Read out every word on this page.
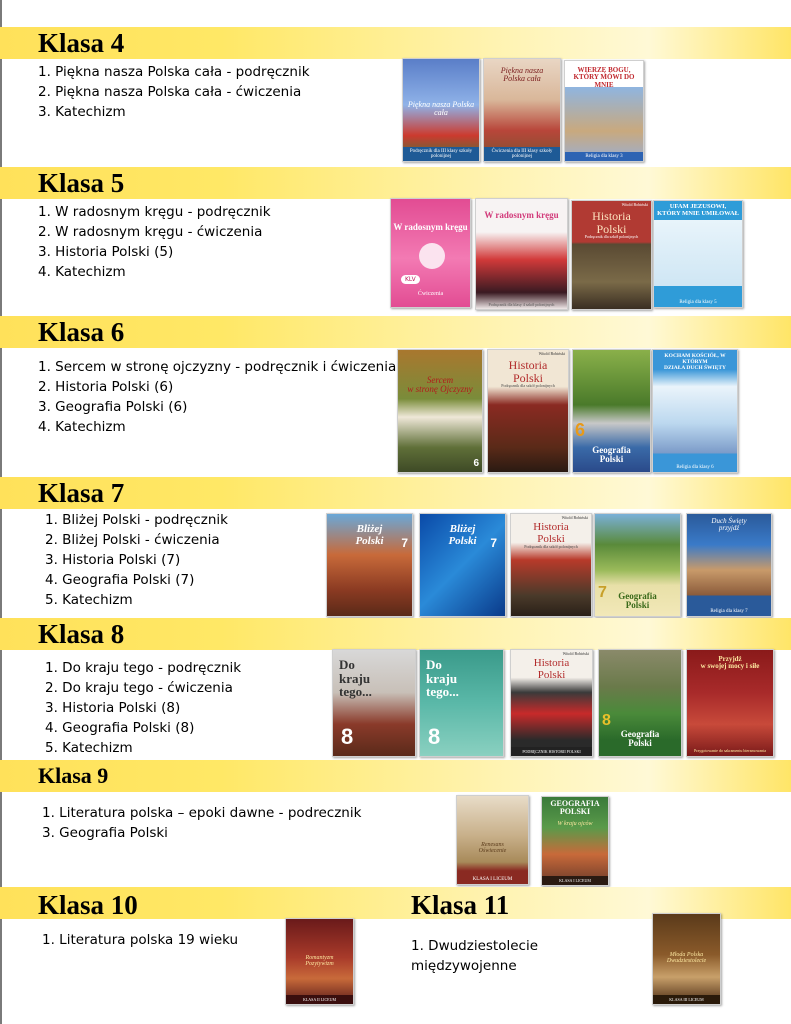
Klasa 4
1. Piękna nasza Polska cała - podręcznik
2. Piękna nasza Polska cała - ćwiczenia
3. Katechizm	Piękna nasza Polska cała
Podręcznik dla III klasy szkoły polonijnej
Piękna nasza
Polska cała
Ćwiczenia dla III klasy szkoły polonijnej
WIERZĘ BOGU,
KTÓRY MÓWI DO MNIE
Religia dla klasy 3
Klasa 5
1. W radosnym kręgu - podręcznik
2. W radosnym kręgu - ćwiczenia
3. Historia Polski (5)
4. Katechizm
W radosnym kręgu
KLV
Ćwiczenia
W radosnym kręgu
Podręcznik dla klasy 4 szkół polonijnych
Witold Bobiński
Historia
Polski
Podręcznik dla szkół polonijnych
UFAM JEZUSOWI,
KTÓRY MNIE UMIŁOWAŁ
Religia dla klasy 5
Klasa 6
1. Sercem w stronę ojczyzny - podręcznik i ćwiczenia
2. Historia Polski (6)
3. Geografia Polski (6)
4. Katechizm
Sercem
w stronę Ojczyzny
6
Witold Bobiński
Historia
Polski
Podręcznik dla szkół polonijnych
Geografia
Polski
6
KOCHAM KOŚCIÓŁ, W KTÓRYM
DZIAŁA DUCH ŚWIĘTY
Religia dla klasy 6
Klasa 7
1. Bliżej Polski - podręcznik
2. Bliżej Polski - ćwiczenia
3. Historia Polski (7)
4. Geografia Polski (7)
5. Katechizm
Bliżej
Polski	7
Bliżej
Polski	7
Witold Bobiński
Historia
Polski
Podręcznik dla szkół polonijnych
Geografia
Polski
7
Duch Święty
przyjdź
Religia dla klasy 7
Klasa 8
1. Do kraju tego - podręcznik
2. Do kraju tego - ćwiczenia
3. Historia Polski (8)
4. Geografia Polski (8)
5. Katechizm
Do
kraju
tego...
8
Do
kraju
tego...
8
Witold Bobiński
Historia
Polski
PODRĘCZNIK HISTORII POLSKI
Geografia
Polski
8
Przyjdź
w swojej mocy i siłe
Przygotowanie do sakramentu bierzmowania
Klasa 9
1. Literatura polska – epoki dawne - podrecznik
3. Geografia Polski
Renesans
Oświecenie
KLASA I LICEUM
GEOGRAFIA
POLSKI
W kraju ojców
KLASA I LICEUM
Klasa 10
1. Literatura polska 19 wieku
Romantyzm
Pozytywizm
KLASA II LICEUM
Klasa 11
1. Dwudziestolecie
międzywojenne
Młoda Polska
Dwudziestolecie
KLASA III LICEUM
